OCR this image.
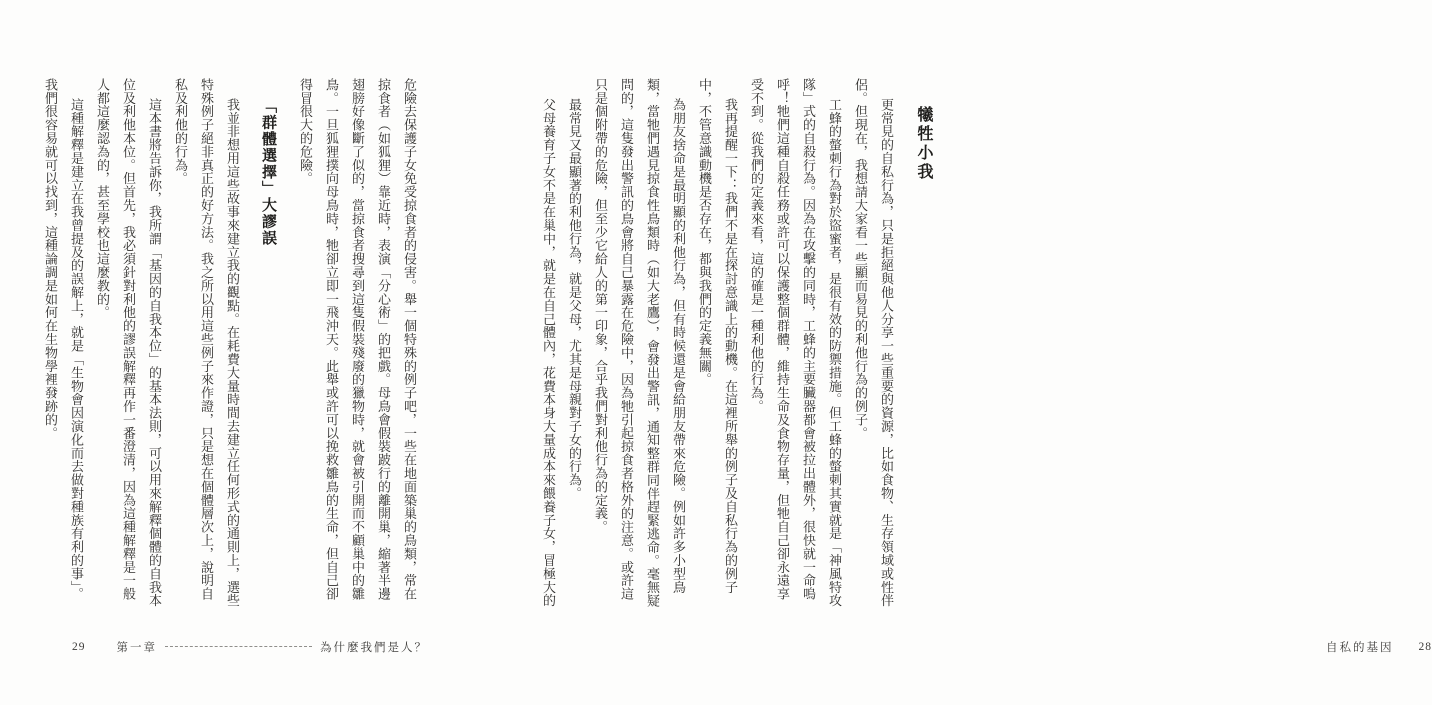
犧牲小我

更常見的自私行為，只是拒絕與他人分享一些重要的資源，比如食物、生存領域或性伴侶。但現在，我想請大家看一些顯而易見的利他行為的例子。

工蜂的螫刺行為對於盜蜜者，是很有效的防禦措施。但工蜂的螫刺其實就是「神風特攻隊」式的自殺行為。因為在攻擊的同時，工蜂的主要臟器都會被拉出體外，很快就一命嗚呼！牠們這種自殺任務或許可以保護整個群體，維持生命及食物存量，但牠自己卻永遠享受不到。從我們的定義來看，這的確是一種利他的行為。

我再提醒一下：我們不是在探討意識上的動機。在這裡所舉的例子及自私行為的例子中，不管意識動機是否存在，都與我們的定義無關。

為朋友捨命是最明顯的利他行為，但有時候還是會給朋友帶來危險。例如許多小型鳥類，當牠們遇見掠食性鳥類時（如大老鷹），會發出警訊，通知整群同伴趕緊逃命。毫無疑問的，這隻發出警訊的鳥會將自己暴露在危險中，因為牠引起掠食者格外的注意。或許這只是個附帶的危險，但至少它給人的第一印象，合乎我們對利他行為的定義。

最常見又最顯著的利他行為，就是父母，尤其是母親對子女的行為。

父母養育子女不是在巢中，就是在自己體內，花費本身大量成本來餵養子女，冒極大的

自私的基因 28

危險去保護子女免受掠食者的侵害。舉一個特殊的例子吧，一些在地面築巢的鳥類，常在掠食者（如狐狸）靠近時，表演「分心術」的把戲。母鳥會假裝跛行的離開巢，縮著半邊翅膀好像斷了似的，當掠食者搜尋到這隻假裝殘廢的獵物時，就會被引開而不顧巢中的雛鳥。一旦狐狸撲向母鳥時，牠卻立即一飛沖天。此舉或許可以挽救雛鳥的生命，但自己卻得冒很大的危險。

「群體選擇」大謬誤

我並非想用這些故事來建立我的觀點。在耗費大量時間去建立任何形式的通則上，選些特殊例子絕非真正的好方法。我之所以用這些例子來作證，只是想在個體層次上，說明自私及利他的行為。

這本書將告訴你，我所謂「基因的自我本位」的基本法則，可以用來解釋個體的自我本位及利他本位。但首先，我必須針對利他的謬誤解釋再作一番澄清，因為這種解釋是一般人都這麼認為的，甚至學校也這麼教的。

這種解釋是建立在我曾提及的誤解上，就是「生物會因演化而去做對種族有利的事」。我們很容易就可以找到，這種論調是如何在生物學裡發跡的。

29	第一章	為什麼我們是人？
